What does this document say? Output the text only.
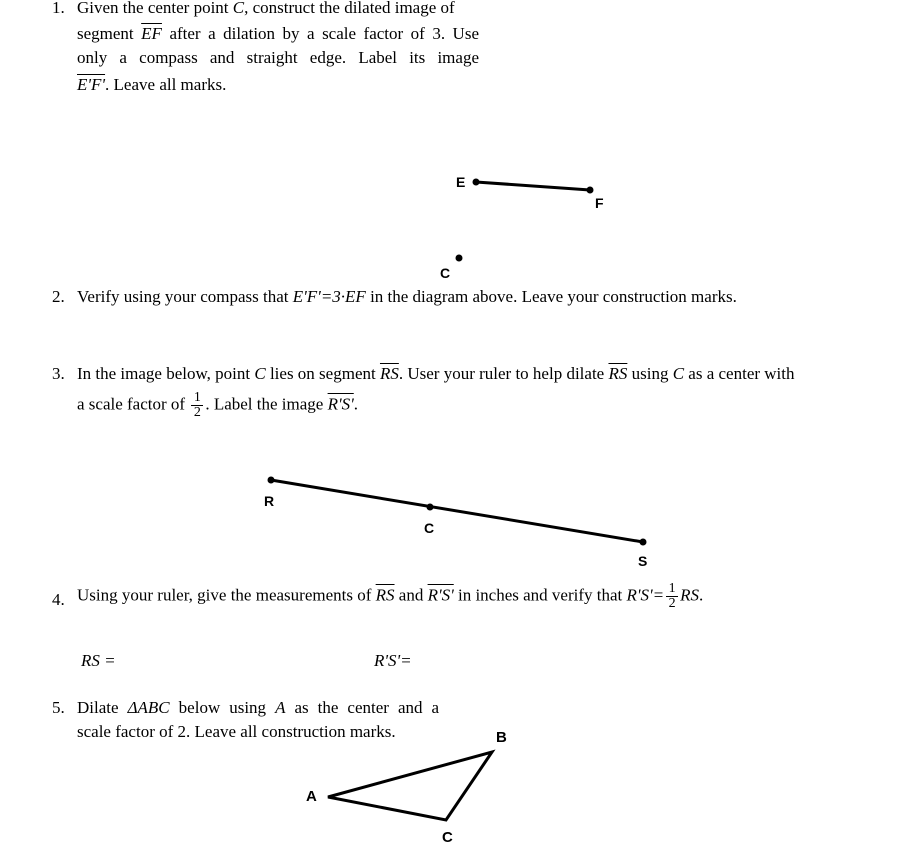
1. Given the center point C, construct the dilated image of
segment $\overline{EF}$ after a dilation by a scale factor of 3. Use
only a compass and straight edge. Label its image
E'F'. Leave all marks.
E
F
C
2. Verify using your compass that E'F'=3·EF in the diagram above. Leave your construction marks.
3. In the image below, point C lies on segment $\overline{RS}$. User your ruler to help dilate $\overline{RS}$ using C as a center with
a scale factor of $\frac{1}{2}$ . Label the image R'S'.
R
C
S
4. Using your ruler, give the measurements of $\overline{RS}$ and R'S' in inches and verify that $R'S'= \frac{1}{2}$ RS.
RS =	R'S'=
5. Dilate ΔABC below using A as the center and a
scale factor of 2. Leave all construction marks.
A
B
C
